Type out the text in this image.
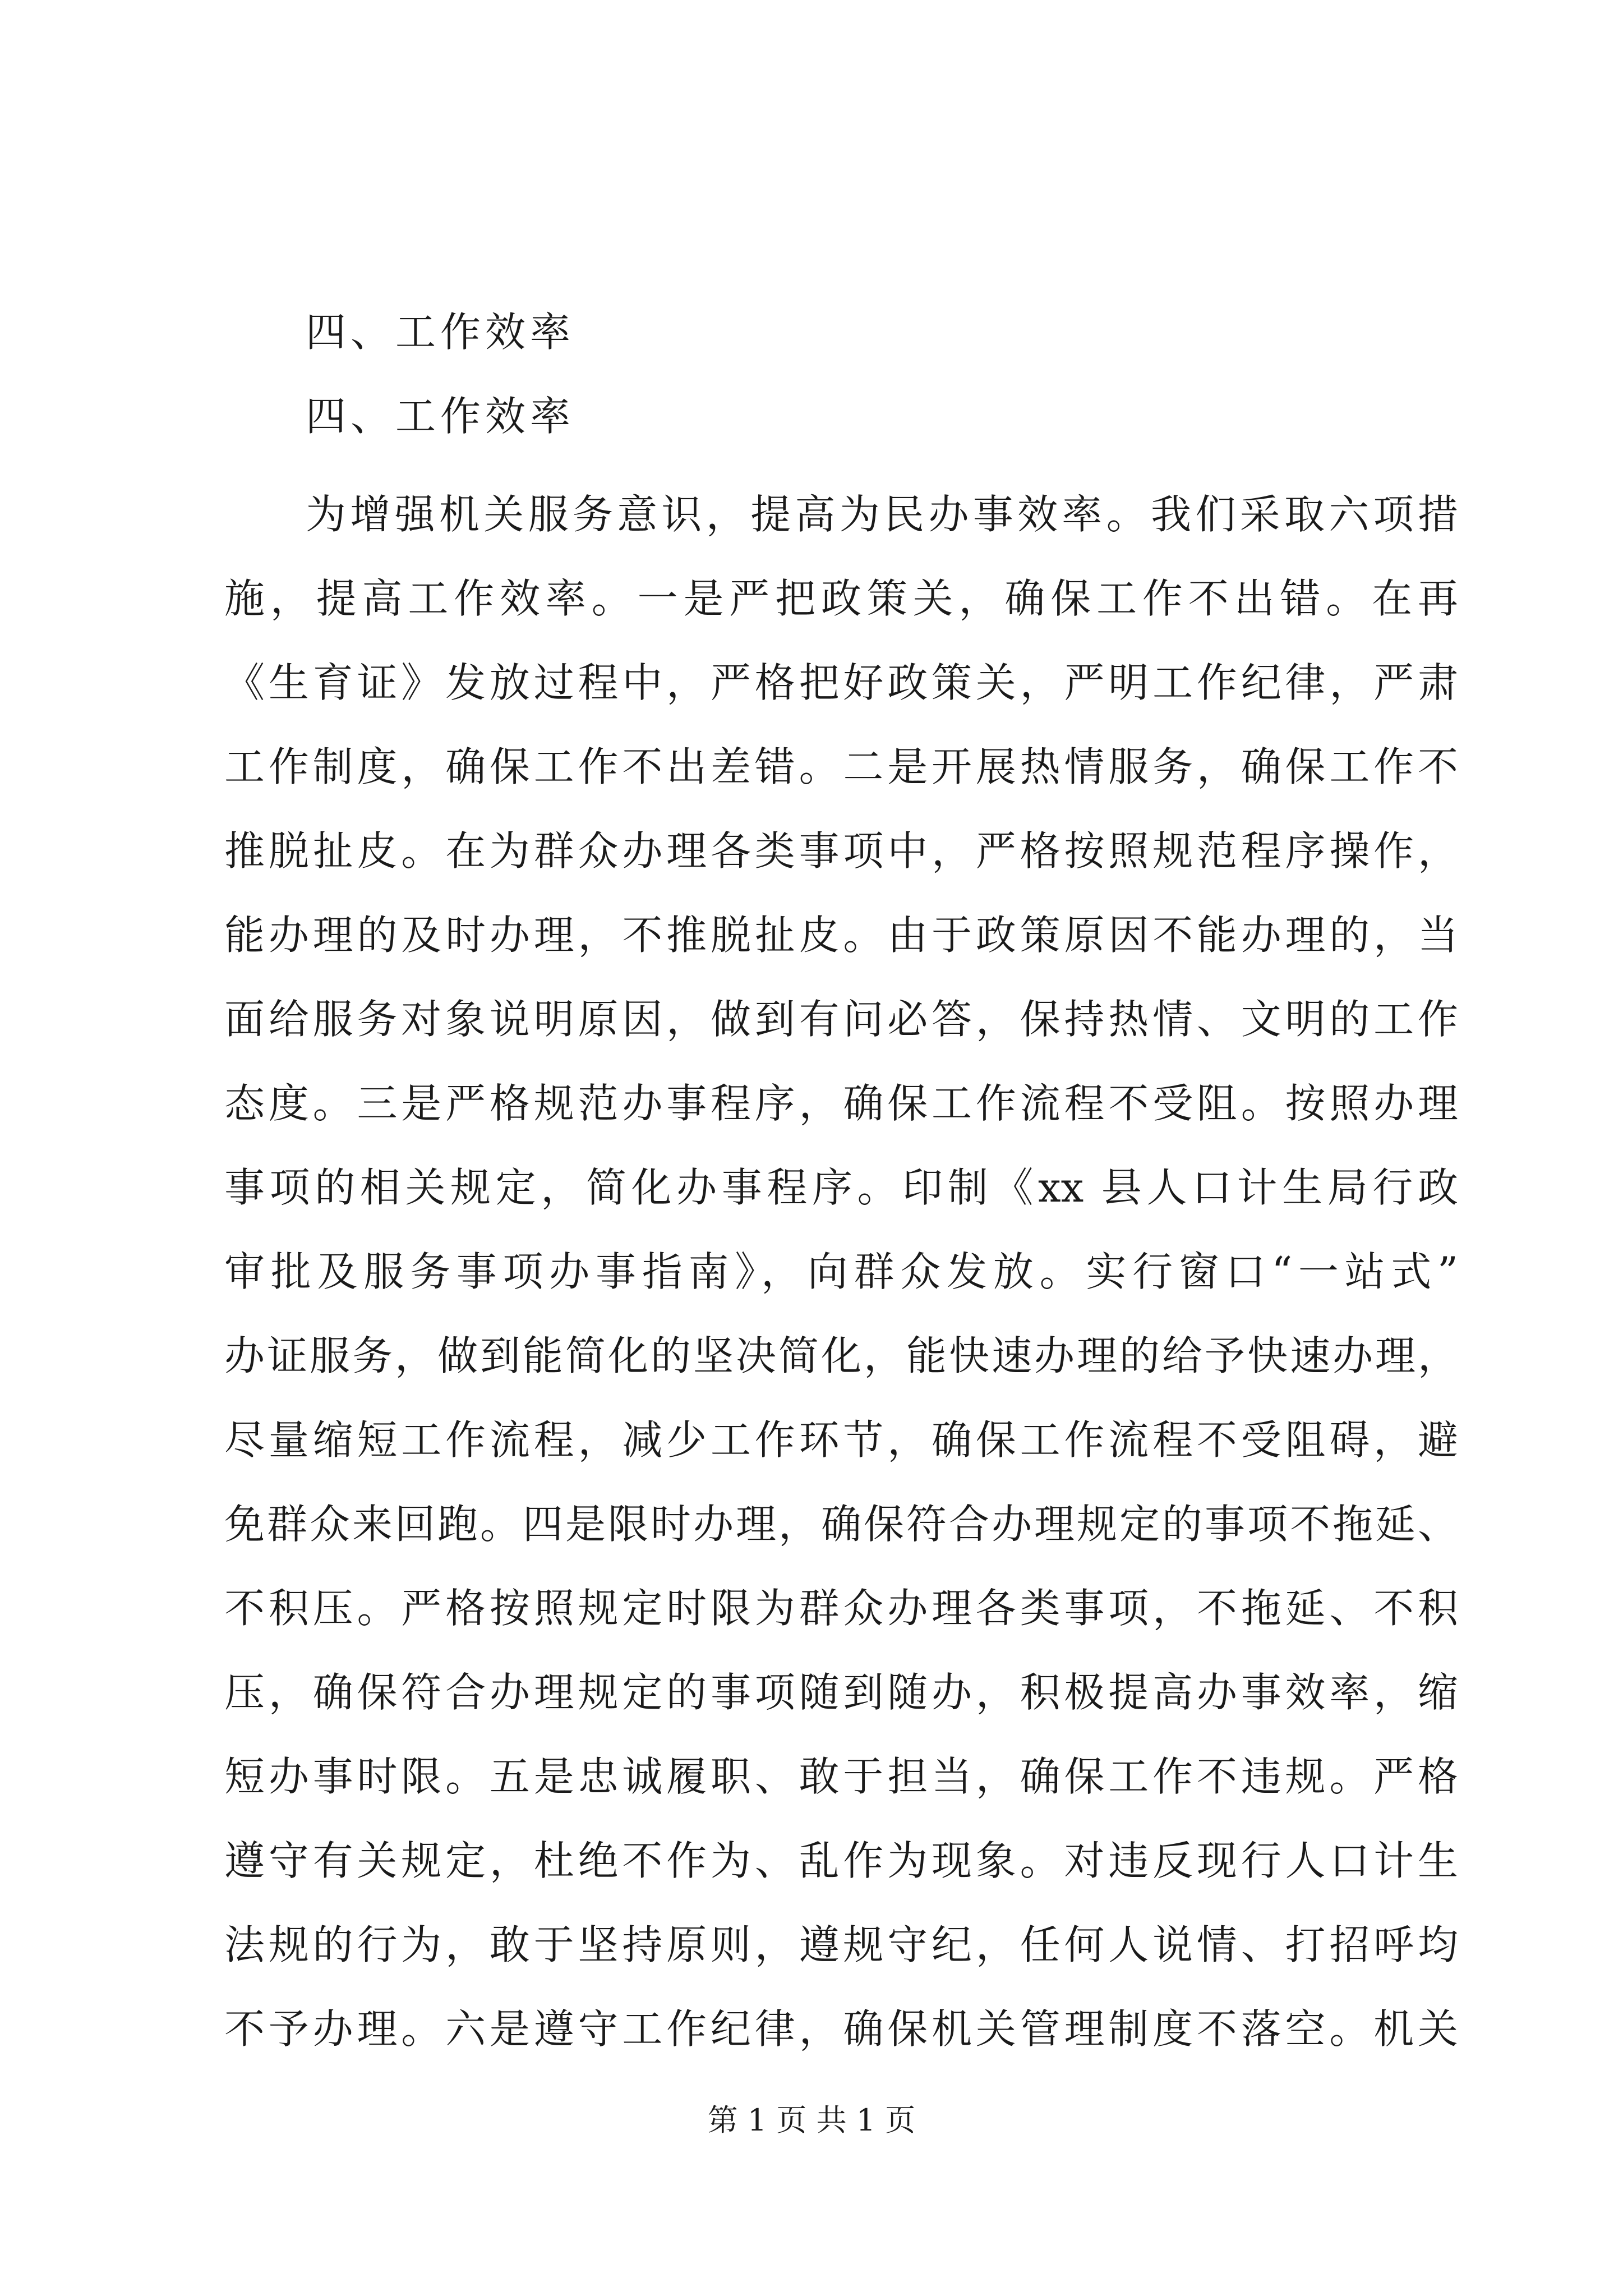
四、工作效率
四、工作效率
为增强机关服务意识，提高为民办事效率。我们采取六项措
施，提高工作效率。一是严把政策关，确保工作不出错。在再
《生育证》发放过程中，严格把好政策关，严明工作纪律，严肃
工作制度，确保工作不出差错。二是开展热情服务，确保工作不
推脱扯皮。在为群众办理各类事项中，严格按照规范程序操作，
能办理的及时办理，不推脱扯皮。由于政策原因不能办理的，当
面给服务对象说明原因，做到有问必答，保持热情、文明的工作
态度。三是严格规范办事程序，确保工作流程不受阻。按照办理
事项的相关规定，简化办事程序。印制《xx 县人口计生局行政
审批及服务事项办事指南》，向群众发放。实行窗口“一站式”
办证服务，做到能简化的坚决简化，能快速办理的给予快速办理，
尽量缩短工作流程，减少工作环节，确保工作流程不受阻碍，避
免群众来回跑。四是限时办理，确保符合办理规定的事项不拖延、
不积压。严格按照规定时限为群众办理各类事项，不拖延、不积
压，确保符合办理规定的事项随到随办，积极提高办事效率，缩
短办事时限。五是忠诚履职、敢于担当，确保工作不违规。严格
遵守有关规定，杜绝不作为、乱作为现象。对违反现行人口计生
法规的行为，敢于坚持原则，遵规守纪，任何人说情、打招呼均
不予办理。六是遵守工作纪律，确保机关管理制度不落空。机关
第 1 页 共 1 页
